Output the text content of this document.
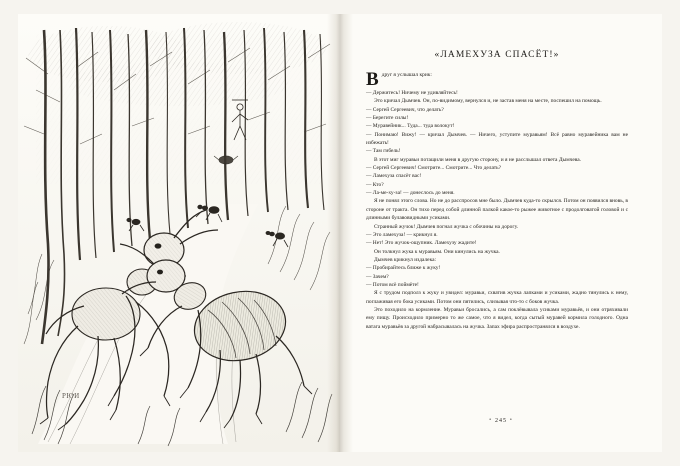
РЮИ
«ЛАМЕХУЗА СПАСЁТ!»

Вдруг я услышал крик:

— Держитесь! Ничему не удивляйтесь!

Это кричал Дымчев. Он, по-видимому, вернулся и, не застав меня на месте, поспешил на помощь.

— Сергей Сергеевич, что делать?

— Берегите силы!

— Муравейник... Туда... туда волокут!

— Понимаю! Вижу! — кричал Дымчев. — Ничего, уступите муравьям! Всё равно муравейника вам не избежать!

— Там гибель!

В этот миг муравьи потащили меня в другую сторону, и я не расслышал ответа Дымчева.

— Сергей Сергеевич! Смотрите... Смотрите... Что делать?

— Ламехуза спасёт вас!

— Кто?

— Ла-ме-ху-за! — донеслось до меня.

Я не понял этого слова. Но не до расспросов мне было. Дымчев куда-то скрылся. Потом он появился вновь, в стороне от тракта. Он тихо перед собой длинной палкой какое-то рыжее животное с продолговатой головой и с длинными булавовидными усиками.

Странный жучок! Дымчев погнал жучка с обочины на дорогу.

— Это ламехуза! — крикнул я.

— Нет! Это жучок-ощупник. Ламехузу жадите!

Он толкнул жука к муравьям. Они кинулись на жучка.

Дымчев крикнул издалека:

— Пробирайтесь ближе к жуку!

— Зачем?

— Потом всё поймёте!

Я с трудом подполз к жуку и увидел: муравьи, схватив жучка лапками и усиками, жадно тянулись к нему, поглаживая его бока усиками. Потом они пятились, слизывая что-то с боков жучка.

Это походило на кормление. Муравьи бросались, а сам поклёвывала усиками муравьёв, и они отряхивали ему пищу. Происходило примерно то же самое, что я видел, когда сытый муравей кормила голодного. Одна ватага муравьёв за другой набрасывалась на жучка. Запах эфира распространялся в воздухе.

• 245 •
